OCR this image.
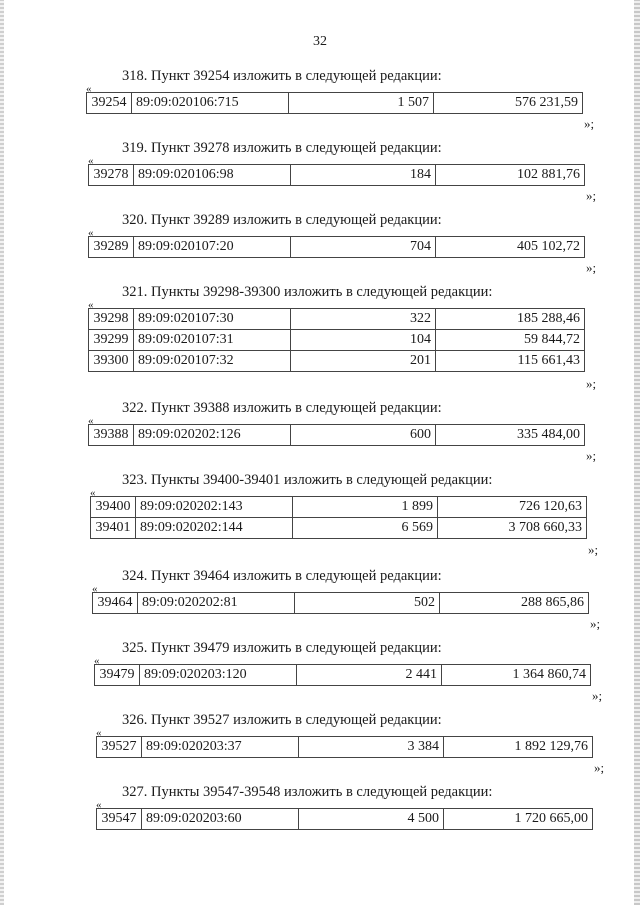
32
318. Пункт 39254 изложить в следующей редакции:
«
39254	89:09:020106:715	1 507	576 231,59
»;
319. Пункт 39278 изложить в следующей редакции:
«
39278	89:09:020106:98	184	102 881,76
»;
320. Пункт 39289 изложить в следующей редакции:
«
39289	89:09:020107:20	704	405 102,72
»;
321. Пункты 39298-39300 изложить в следующей редакции:
«
39298	89:09:020107:30	322	185 288,46
39299	89:09:020107:31	104	59 844,72
39300	89:09:020107:32	201	115 661,43
»;
322. Пункт 39388 изложить в следующей редакции:
«
39388	89:09:020202:126	600	335 484,00
»;
323. Пункты 39400-39401 изложить в следующей редакции:
«
39400	89:09:020202:143	1 899	726 120,63
39401	89:09:020202:144	6 569	3 708 660,33
»;
324. Пункт 39464 изложить в следующей редакции:
«
39464	89:09:020202:81	502	288 865,86
»;
325. Пункт 39479 изложить в следующей редакции:
«
39479	89:09:020203:120	2 441	1 364 860,74
»;
326. Пункт 39527 изложить в следующей редакции:
«
39527	89:09:020203:37	3 384	1 892 129,76
»;
327. Пункты 39547-39548 изложить в следующей редакции:
«
39547	89:09:020203:60	4 500	1 720 665,00
